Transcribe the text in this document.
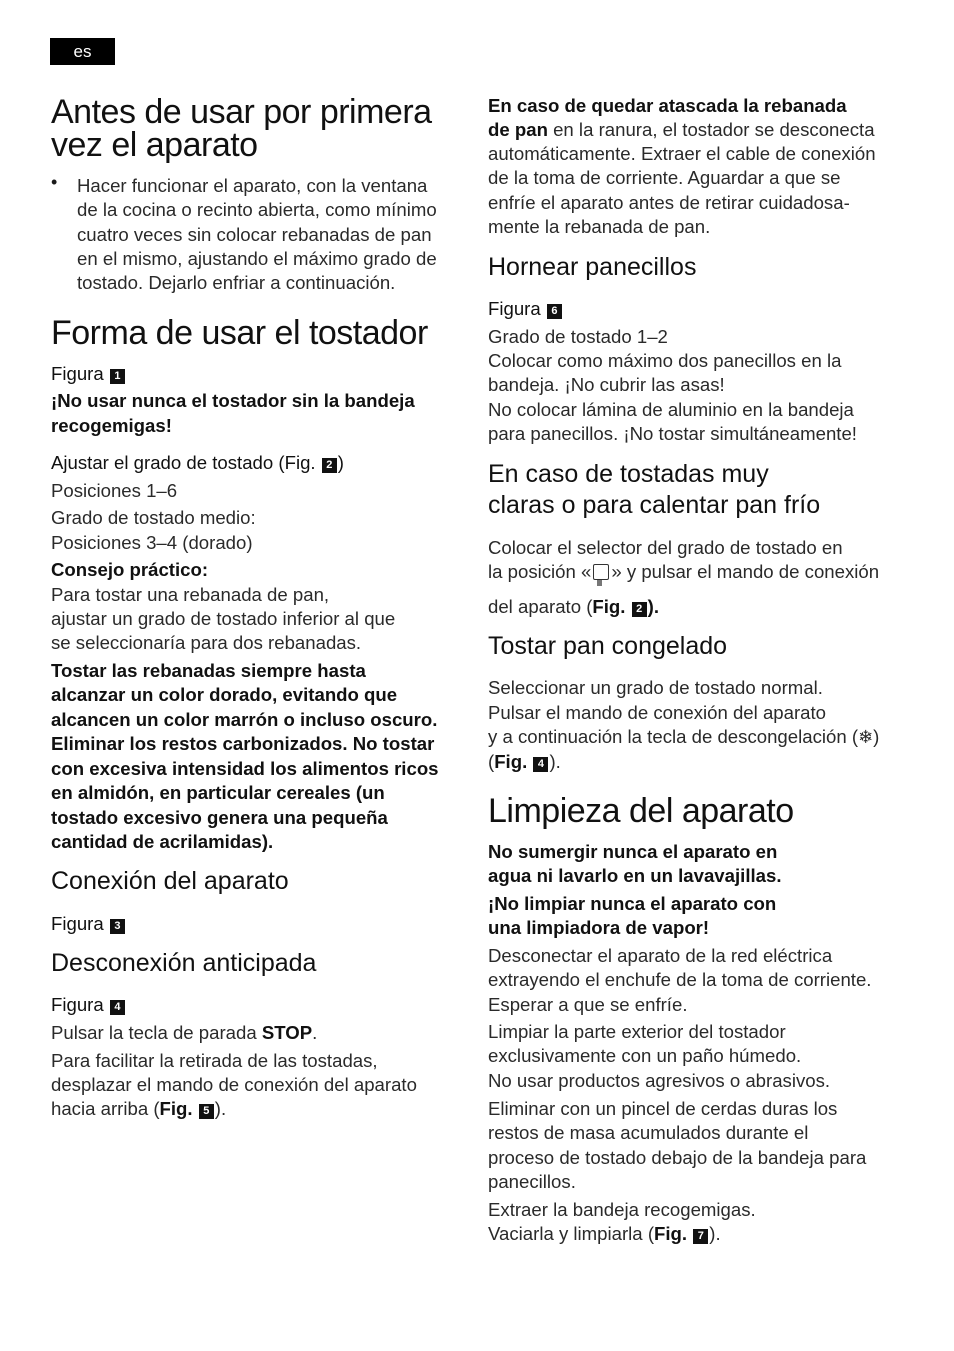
es
Antes de usar por primera
vez el aparato
• Hacer funcionar el aparato, con la ventana
de la cocina o recinto abierta, como mínimo
cuatro veces sin colocar rebanadas de pan
en el mismo, ajustando el máximo grado de
tostado. Dejarlo enfriar a continuación.
Forma de usar el tostador
Figura 1
¡No usar nunca el tostador sin la bandeja
recogemigas!
Ajustar el grado de tostado (Fig. 2 )
Posiciones 1–6
Grado de tostado medio:
Posiciones 3–4 (dorado)
Consejo práctico:
Para tostar una rebanada de pan,
ajustar un grado de tostado inferior al que
se seleccionaría para dos rebanadas.
Tostar las rebanadas siempre hasta
alcanzar un color dorado, evitando que
alcancen un color marrón o incluso oscuro.
Eliminar los restos carbonizados. No tostar
con excesiva intensidad los alimentos ricos
en almidón, en particular cereales (un
tostado excesivo genera una pequeña
cantidad de acrilamidas).
Conexión del aparato
Figura 3
Desconexión anticipada
Figura 4
Pulsar la tecla de parada STOP.
Para facilitar la retirada de las tostadas,
desplazar el mando de conexión del aparato
hacia arriba (Fig. 5 ).
En caso de quedar atascada la rebanada
de pan en la ranura, el tostador se desconecta
automáticamente. Extraer el cable de conexión
de la toma de corriente. Aguardar a que se
enfríe el aparato antes de retirar cuidadosa-
mente la rebanada de pan.
Hornear panecillos
Figura 6
Grado de tostado 1–2
Colocar como máximo dos panecillos en la
bandeja. ¡No cubrir las asas!
No colocar lámina de aluminio en la bandeja
para panecillos. ¡No tostar simultáneamente!
En caso de tostadas muy
claras o para calentar pan frío
Colocar el selector del grado de tostado en
la posición « » y pulsar el mando de conexión
del aparato (Fig. 2 ).
Tostar pan congelado
Seleccionar un grado de tostado normal.
Pulsar el mando de conexión del aparato
y a continuación la tecla de descongelación (❄)
(Fig. 4 ).
Limpieza del aparato
No sumergir nunca el aparato en
agua ni lavarlo en un lavavajillas.
¡No limpiar nunca el aparato con
una limpiadora de vapor!
Desconectar el aparato de la red eléctrica
extrayendo el enchufe de la toma de corriente.
Esperar a que se enfríe.
Limpiar la parte exterior del tostador
exclusivamente con un paño húmedo.
No usar productos agresivos o abrasivos.
Eliminar con un pincel de cerdas duras los
restos de masa acumulados durante el
proceso de tostado debajo de la bandeja para
panecillos.
Extraer la bandeja recogemigas.
Vaciarla y limpiarla (Fig. 7 ).
